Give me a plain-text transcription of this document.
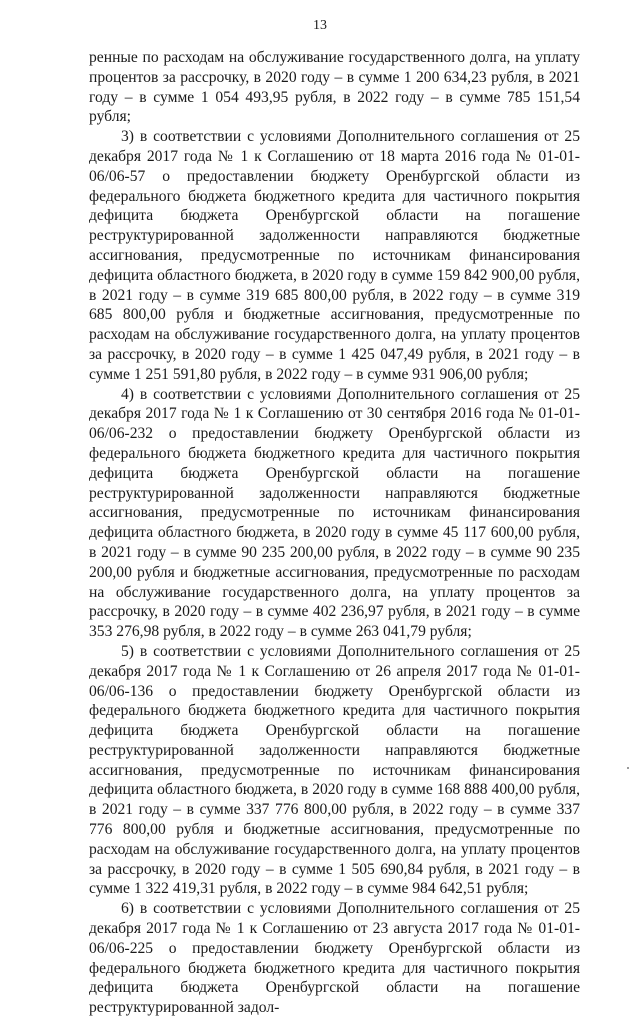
13

ренные по расходам на обслуживание государственного долга, на уплату процентов за рассрочку, в 2020 году – в сумме 1 200 634,23 рубля, в 2021 году – в сумме 1 054 493,95 рубля, в 2022 году – в сумме 785 151,54 рубля;

3) в соответствии с условиями Дополнительного соглашения от 25 декабря 2017 года № 1 к Соглашению от 18 марта 2016 года № 01-01-06/06-57 о предоставлении бюджету Оренбургской области из федерального бюджета бюджетного кредита для частичного покрытия дефицита бюджета Оренбургской области на погашение реструктурированной задолженности направляются бюджетные ассигнования, предусмотренные по источникам финансирования дефицита областного бюджета, в 2020 году в сумме 159 842 900,00 рубля, в 2021 году – в сумме 319 685 800,00 рубля, в 2022 году – в сумме 319 685 800,00 рубля и бюджетные ассигнования, предусмотренные по расходам на обслуживание государственного долга, на уплату процентов за рассрочку, в 2020 году – в сумме 1 425 047,49 рубля, в 2021 году – в сумме 1 251 591,80 рубля, в 2022 году – в сумме 931 906,00 рубля;

4) в соответствии с условиями Дополнительного соглашения от 25 декабря 2017 года № 1 к Соглашению от 30 сентября 2016 года № 01-01-06/06-232 о предоставлении бюджету Оренбургской области из федерального бюджета бюджетного кредита для частичного покрытия дефицита бюджета Оренбургской области на погашение реструктурированной задолженности направляются бюджетные ассигнования, предусмотренные по источникам финансирования дефицита областного бюджета, в 2020 году в сумме 45 117 600,00 рубля, в 2021 году – в сумме 90 235 200,00 рубля, в 2022 году – в сумме 90 235 200,00 рубля и бюджетные ассигнования, предусмотренные по расходам на обслуживание государственного долга, на уплату процентов за рассрочку, в 2020 году – в сумме 402 236,97 рубля, в 2021 году – в сумме 353 276,98 рубля, в 2022 году – в сумме 263 041,79 рубля;

5) в соответствии с условиями Дополнительного соглашения от 25 декабря 2017 года № 1 к Соглашению от 26 апреля 2017 года № 01-01-06/06-136 о предоставлении бюджету Оренбургской области из федерального бюджета бюджетного кредита для частичного покрытия дефицита бюджета Оренбургской области на погашение реструктурированной задолженности направляются бюджетные ассигнования, предусмотренные по источникам финансирования дефицита областного бюджета, в 2020 году в сумме 168 888 400,00 рубля, в 2021 году – в сумме 337 776 800,00 рубля, в 2022 году – в сумме 337 776 800,00 рубля и бюджетные ассигнования, предусмотренные по расходам на обслуживание государственного долга, на уплату процентов за рассрочку, в 2020 году – в сумме 1 505 690,84 рубля, в 2021 году – в сумме 1 322 419,31 рубля, в 2022 году – в сумме 984 642,51 рубля;

6) в соответствии с условиями Дополнительного соглашения от 25 декабря 2017 года № 1 к Соглашению от 23 августа 2017 года № 01-01-06/06-225 о предоставлении бюджету Оренбургской области из федерального бюджета бюджетного кредита для частичного покрытия дефицита бюджета Оренбургской области на погашение реструктурированной задол-
